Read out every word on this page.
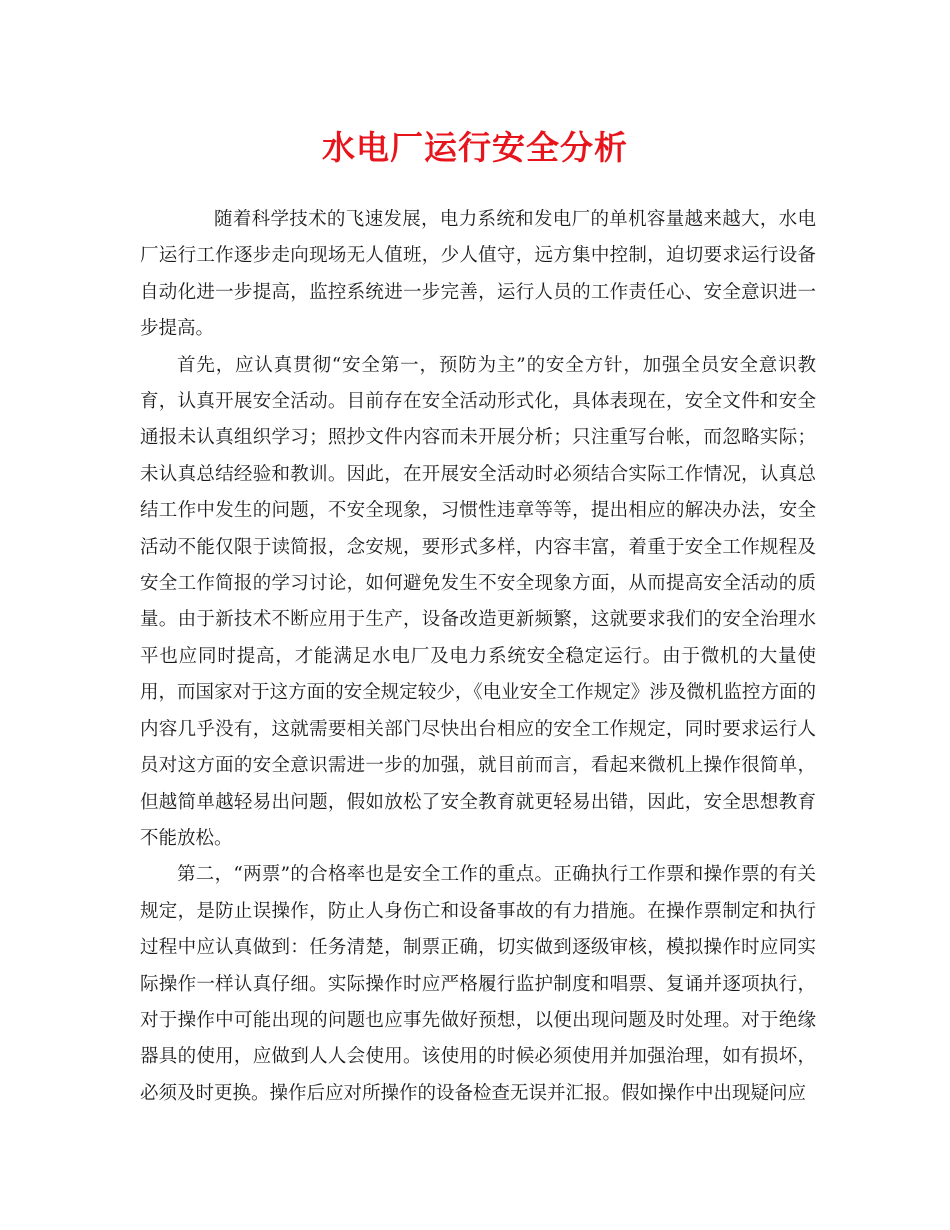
水电厂运行安全分析

随着科学技术的飞速发展，电力系统和发电厂的单机容量越来越大，水电厂运行工作逐步走向现场无人值班，少人值守，远方集中控制，迫切要求运行设备自动化进一步提高，监控系统进一步完善，运行人员的工作责任心、安全意识进一步提高。

首先，应认真贯彻“安全第一，预防为主”的安全方针，加强全员安全意识教育，认真开展安全活动。目前存在安全活动形式化，具体表现在，安全文件和安全通报未认真组织学习；照抄文件内容而未开展分析；只注重写台帐，而忽略实际；未认真总结经验和教训。因此，在开展安全活动时必须结合实际工作情况，认真总结工作中发生的问题，不安全现象，习惯性违章等等，提出相应的解决办法，安全活动不能仅限于读简报，念安规，要形式多样，内容丰富，着重于安全工作规程及安全工作简报的学习讨论，如何避免发生不安全现象方面，从而提高安全活动的质量。由于新技术不断应用于生产，设备改造更新频繁，这就要求我们的安全治理水平也应同时提高，才能满足水电厂及电力系统安全稳定运行。由于微机的大量使用，而国家对于这方面的安全规定较少，《电业安全工作规定》涉及微机监控方面的内容几乎没有，这就需要相关部门尽快出台相应的安全工作规定，同时要求运行人员对这方面的安全意识需进一步的加强，就目前而言，看起来微机上操作很简单，但越简单越轻易出问题，假如放松了安全教育就更轻易出错，因此，安全思想教育不能放松。

第二，“两票”的合格率也是安全工作的重点。正确执行工作票和操作票的有关规定，是防止误操作，防止人身伤亡和设备事故的有力措施。在操作票制定和执行过程中应认真做到：任务清楚，制票正确，切实做到逐级审核，模拟操作时应同实际操作一样认真仔细。实际操作时应严格履行监护制度和唱票、复诵并逐项执行，对于操作中可能出现的问题也应事先做好预想，以便出现问题及时处理。对于绝缘器具的使用，应做到人人会使用。该使用的时候必须使用并加强治理，如有损坏，必须及时更换。操作后应对所操作的设备检查无误并汇报。假如操作中出现疑问应
